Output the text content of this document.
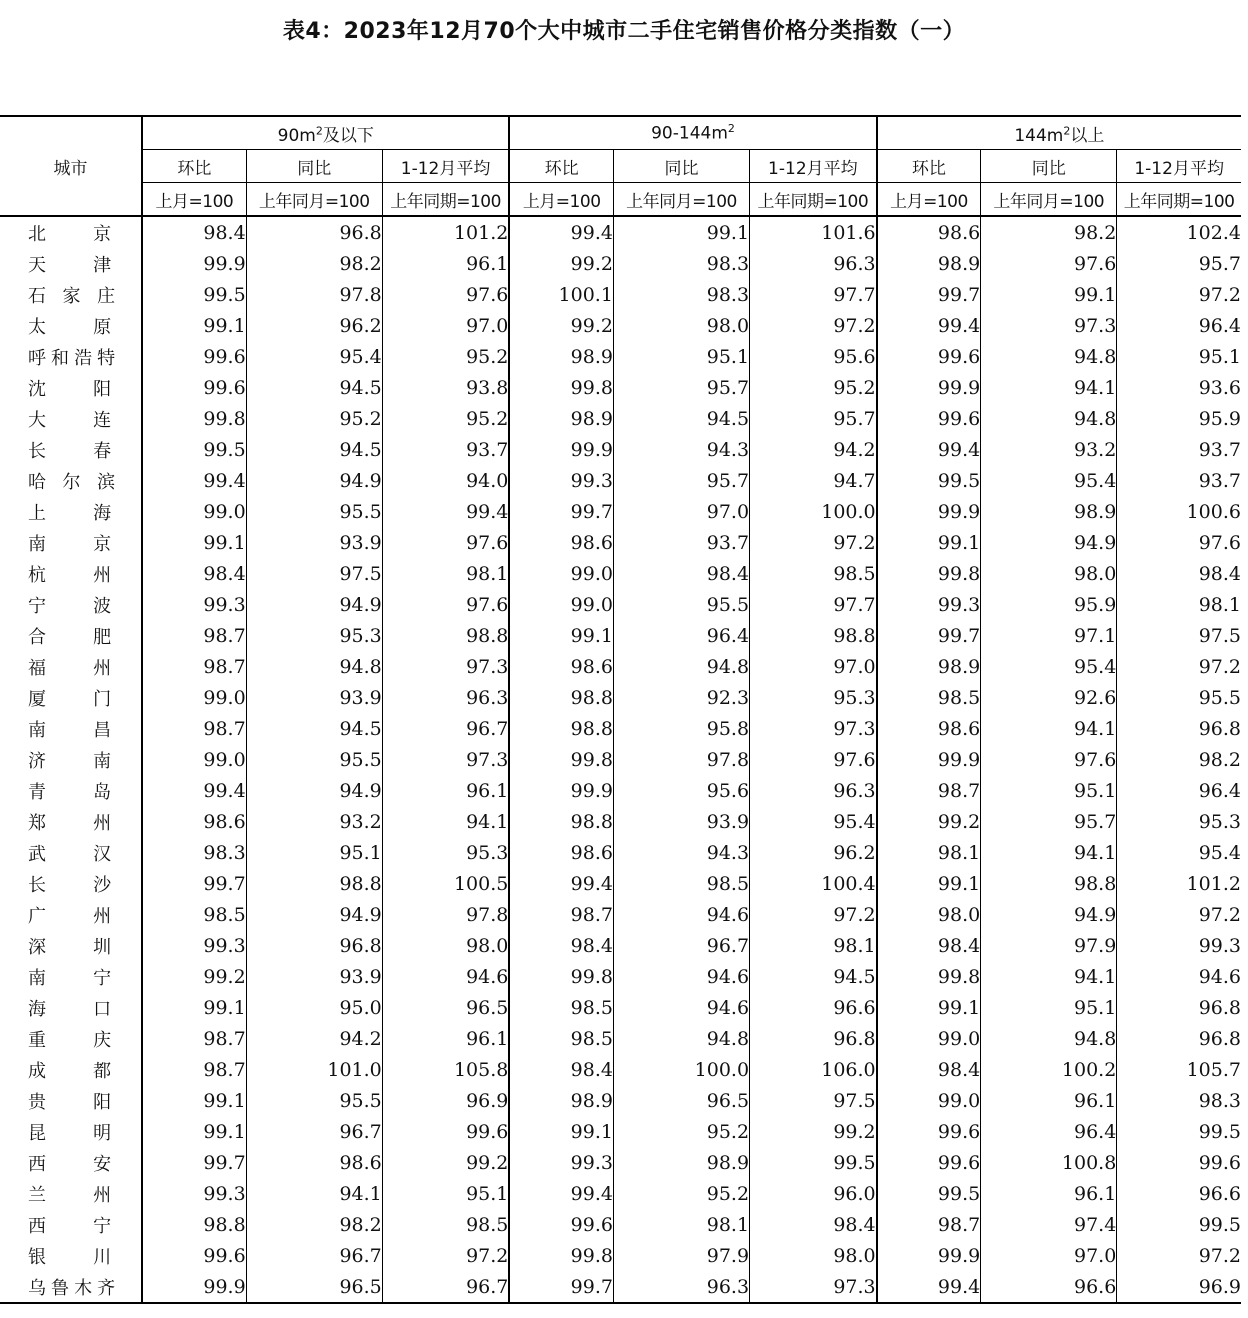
表4：2023年12月70个大中城市二手住宅销售价格分类指数（一）
城市	$90m^2$及以下			$90-144m^2$			$144m^2$以上		
	环比	同比	1-12月平均	环比	同比	1-12月平均	环比	同比	1-12月平均
	上月=100	上年同月=100	上年同期=100	上月=100	上年同月=100	上年同期=100	上月=100	上年同月=100	上年同期=100
北京	98.4	96.8	101.2	99.4	99.1	101.6	98.6	98.2	102.4
天津	99.9	98.2	96.1	99.2	98.3	96.3	98.9	97.6	95.7
石家庄	99.5	97.8	97.6	100.1	98.3	97.7	99.7	99.1	97.2
太原	99.1	96.2	97.0	99.2	98.0	97.2	99.4	97.3	96.4
呼和浩特	99.6	95.4	95.2	98.9	95.1	95.6	99.6	94.8	95.1
沈阳	99.6	94.5	93.8	99.8	95.7	95.2	99.9	94.1	93.6
大连	99.8	95.2	95.2	98.9	94.5	95.7	99.6	94.8	95.9
长春	99.5	94.5	93.7	99.9	94.3	94.2	99.4	93.2	93.7
哈尔滨	99.4	94.9	94.0	99.3	95.7	94.7	99.5	95.4	93.7
上海	99.0	95.5	99.4	99.7	97.0	100.0	99.9	98.9	100.6
南京	99.1	93.9	97.6	98.6	93.7	97.2	99.1	94.9	97.6
杭州	98.4	97.5	98.1	99.0	98.4	98.5	99.8	98.0	98.4
宁波	99.3	94.9	97.6	99.0	95.5	97.7	99.3	95.9	98.1
合肥	98.7	95.3	98.8	99.1	96.4	98.8	99.7	97.1	97.5
福州	98.7	94.8	97.3	98.6	94.8	97.0	98.9	95.4	97.2
厦门	99.0	93.9	96.3	98.8	92.3	95.3	98.5	92.6	95.5
南昌	98.7	94.5	96.7	98.8	95.8	97.3	98.6	94.1	96.8
济南	99.0	95.5	97.3	99.8	97.8	97.6	99.9	97.6	98.2
青岛	99.4	94.9	96.1	99.9	95.6	96.3	98.7	95.1	96.4
郑州	98.6	93.2	94.1	98.8	93.9	95.4	99.2	95.7	95.3
武汉	98.3	95.1	95.3	98.6	94.3	96.2	98.1	94.1	95.4
长沙	99.7	98.8	100.5	99.4	98.5	100.4	99.1	98.8	101.2
广州	98.5	94.9	97.8	98.7	94.6	97.2	98.0	94.9	97.2
深圳	99.3	96.8	98.0	98.4	96.7	98.1	98.4	97.9	99.3
南宁	99.2	93.9	94.6	99.8	94.6	94.5	99.8	94.1	94.6
海口	99.1	95.0	96.5	98.5	94.6	96.6	99.1	95.1	96.8
重庆	98.7	94.2	96.1	98.5	94.8	96.8	99.0	94.8	96.8
成都	98.7	101.0	105.8	98.4	100.0	106.0	98.4	100.2	105.7
贵阳	99.1	95.5	96.9	98.9	96.5	97.5	99.0	96.1	98.3
昆明	99.1	96.7	99.6	99.1	95.2	99.2	99.6	96.4	99.5
西安	99.7	98.6	99.2	99.3	98.9	99.5	99.6	100.8	99.6
兰州	99.3	94.1	95.1	99.4	95.2	96.0	99.5	96.1	96.6
西宁	98.8	98.2	98.5	99.6	98.1	98.4	98.7	97.4	99.5
银川	99.6	96.7	97.2	99.8	97.9	98.0	99.9	97.0	97.2
乌鲁木齐	99.9	96.5	96.7	99.7	96.3	97.3	99.4	96.6	96.9
